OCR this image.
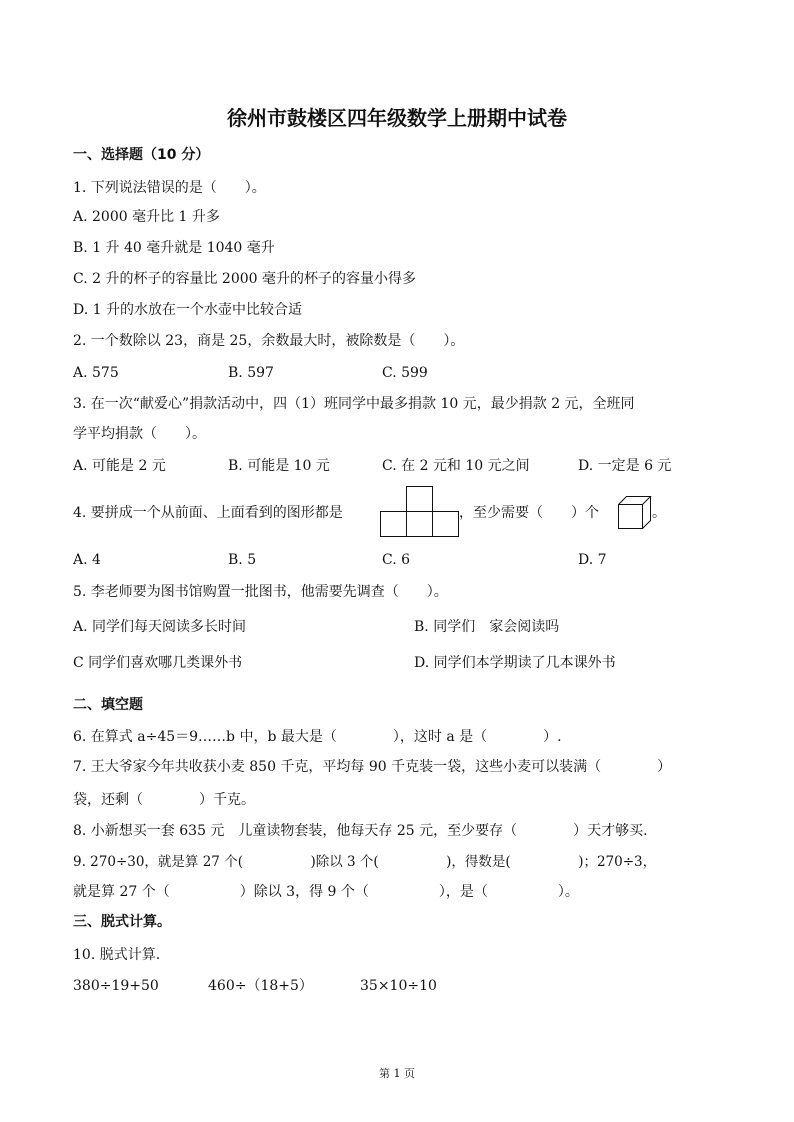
徐州市鼓楼区四年级数学上册期中试卷
一、选择题（10 分）
1. 下列说法错误的是（　　）。
A. 2000 毫升比 1 升多
B. 1 升 40 毫升就是 1040 毫升
C. 2 升的杯子的容量比 2000 毫升的杯子的容量小得多
D. 1 升的水放在一个水壶中比较合适
2. 一个数除以 23，商是 25，余数最大时，被除数是（　　）。
A. 575	B. 597	C. 599
3. 在一次“献爱心”捐款活动中，四（1）班同学中最多捐款 10 元，最少捐款 2 元，全班同
学平均捐款（　　）。
A. 可能是 2 元	B. 可能是 10 元	C. 在 2 元和 10 元之间	D. 一定是 6 元
4. 要拼成一个从前面、上面看到的图形都是	，至少需要（　　）个	。
A. 4	B. 5	C. 6	D. 7
5. 李老师要为图书馆购置一批图书，他需要先调查（　　）。
A. 同学们每天阅读多长时间	B. 同学们　家会阅读吗
C 同学们喜欢哪几类课外书	D. 同学们本学期读了几本课外书
二、填空题
6. 在算式 a÷45＝9……b 中，b 最大是（　　　　），这时 a 是（　　　　）.
7. 王大爷家今年共收获小麦 850 千克，平均每 90 千克装一袋，这些小麦可以装满（　　　　）
袋，还剩（　　　　）千克。
8. 小新想买一套 635 元　儿童读物套装，他每天存 25 元，至少要存（　　　　）天才够买.
9. 270÷30，就是算 27 个(　　　　　)除以 3 个(　　　　　)，得数是(　　　　　)；270÷3，
就是算 27 个（　　　　　）除以 3，得 9 个（　　　　　），是（　　　　　）。
三、脱式计算。
10. 脱式计算.
380÷19+50	460÷（18+5）	35×10÷10
第 1 页
